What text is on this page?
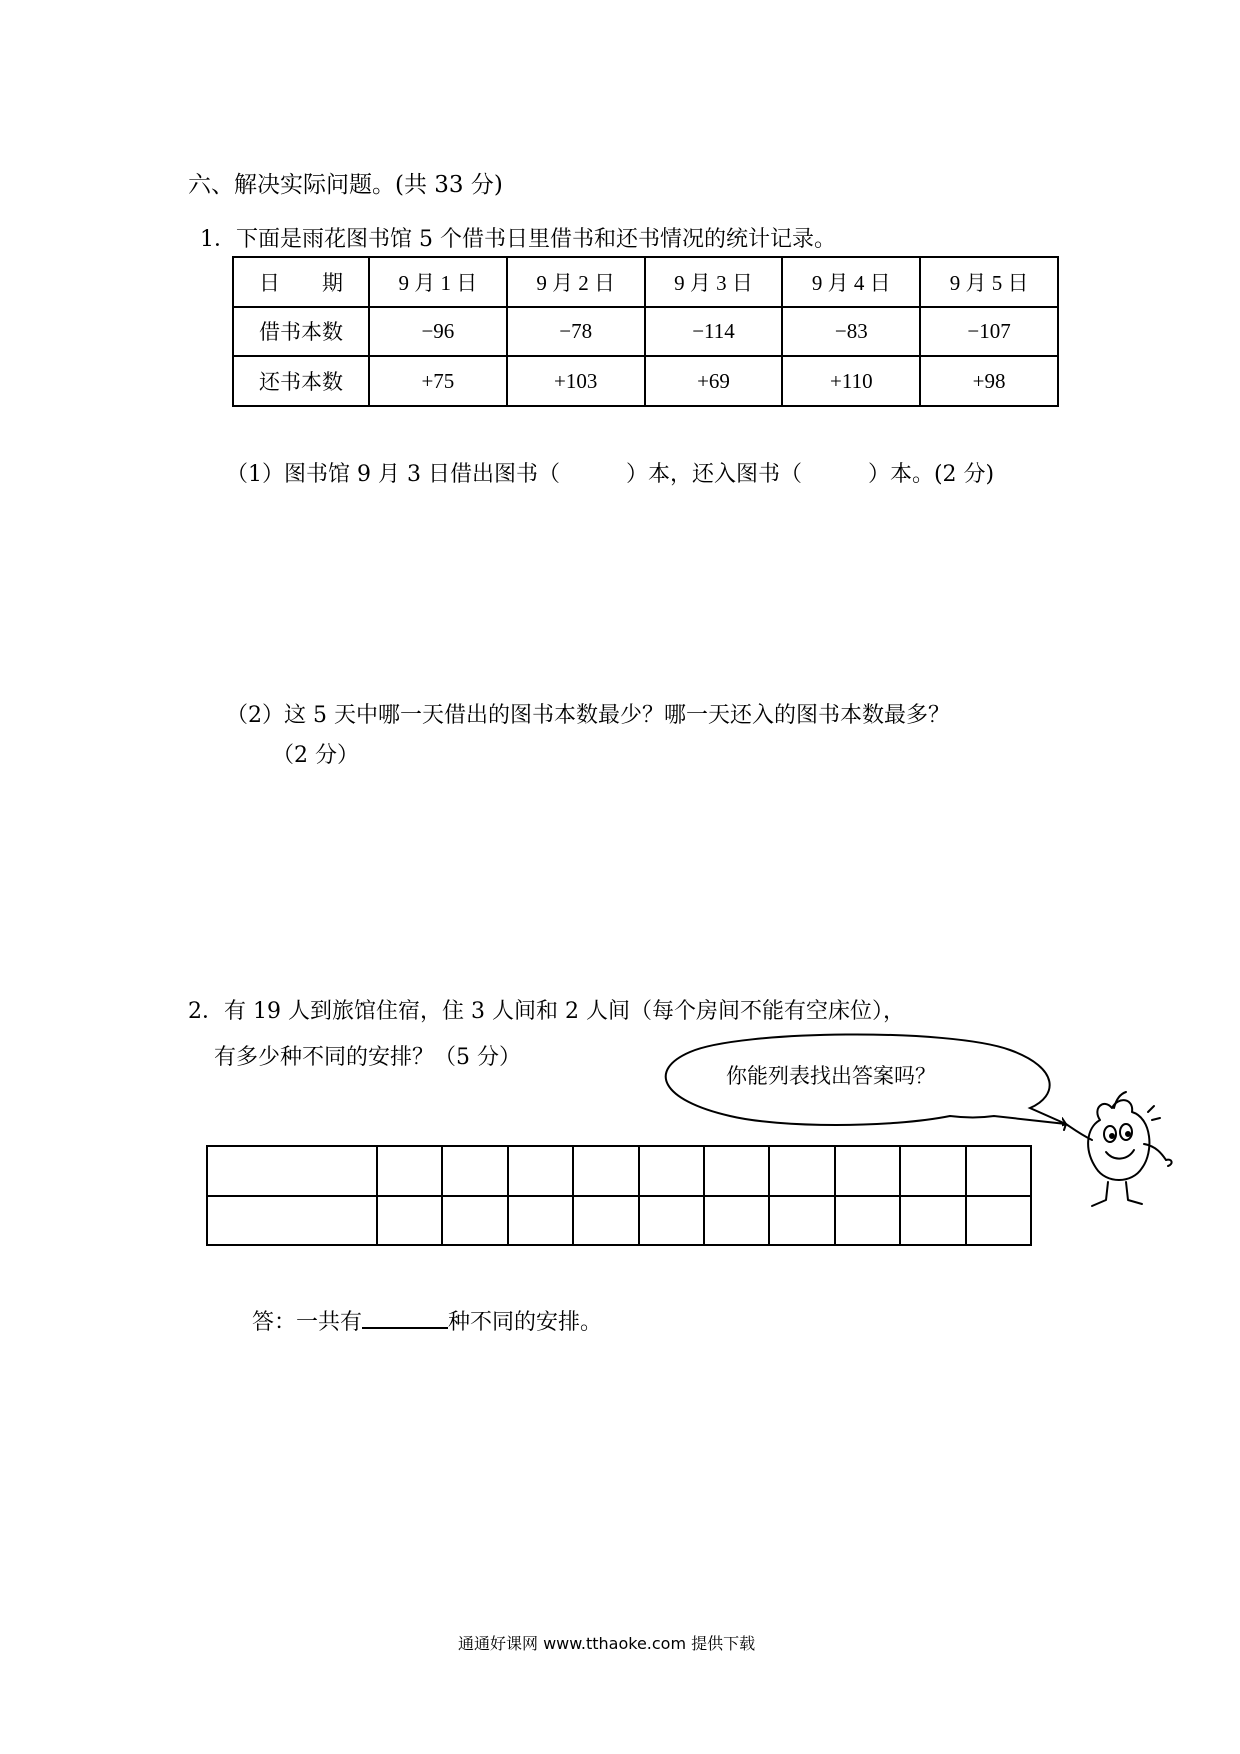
六、解决实际问题。(共 33 分)
1．下面是雨花图书馆 5 个借书日里借书和还书情况的统计记录。
日　　期	9 月 1 日	9 月 2 日	9 月 3 日	9 月 4 日	9 月 5 日
借书本数	−96	−78	−114	−83	−107
还书本数	+75	+103	+69	+110	+98
（1）图书馆 9 月 3 日借出图书（　　　）本，还入图书（　　　）本。(2 分)
（2）这 5 天中哪一天借出的图书本数最少？哪一天还入的图书本数最多？
（2 分）
2．有 19 人到旅馆住宿，住 3 人间和 2 人间（每个房间不能有空床位），
有多少种不同的安排？（5 分）
你能列表找出答案吗？

答：一共有	种不同的安排。
通通好课网 www.tthaoke.com 提供下载
